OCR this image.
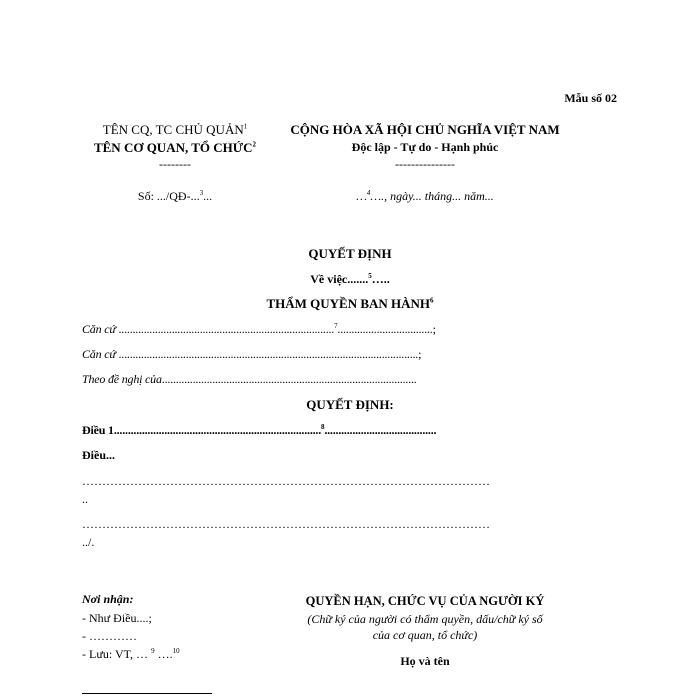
Mẫu số 02
TÊN CQ, TC CHỦ QUẢN$^1$
TÊN CƠ QUAN, TỔ CHỨC$^2$
--------
Số: .../QĐ-...$^3$...
CỘNG HÒA XÃ HỘI CHỦ NGHĨA VIỆT NAM
Độc lập - Tự do - Hạnh phúc
---------------
…$^4$…., ngày... tháng... năm...
QUYẾT ĐỊNH
Về việc.......$^5$…..
THẨM QUYỀN BAN HÀNH$^6$
Căn cứ .............................................................................$^7$..................................;
Căn cứ ...........................................................................................................;
Theo đề nghị của...........................................................................................
QUYẾT ĐỊNH:
Điều 1..........................................................................$^8$........................................
Điều...
…………………………………………………………………………………………
..
…………………………………………………………………………………………
../.
Nơi nhận:
- Như Điều....;
- …………
- Lưu: VT, … $^9$ ….$^{10}$
QUYỀN HẠN, CHỨC VỤ CỦA NGƯỜI KÝ
(Chữ ký của người có thẩm quyền, dấu/chữ ký số
của cơ quan, tổ chức)
Họ và tên
